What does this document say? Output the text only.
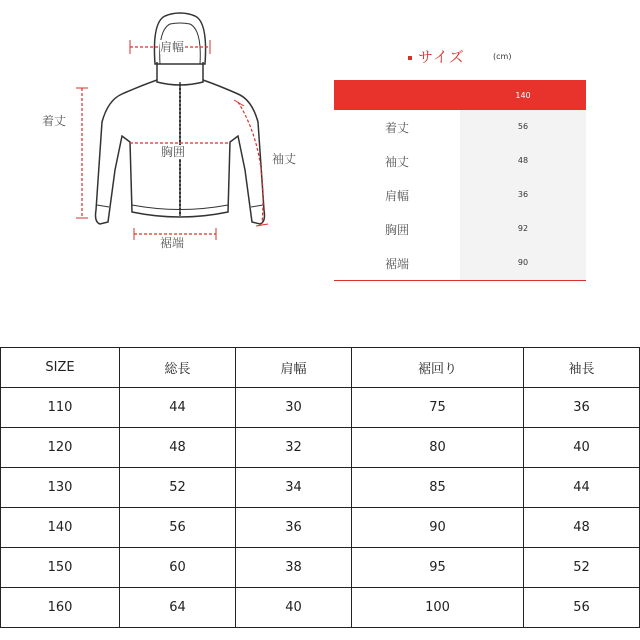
肩幅
着丈
胸囲	袖丈
裾端
サイズ	(cm)
140
着丈	56
袖丈	48
肩幅	36
胸囲	92
裾端	90
SIZE	総長	肩幅	裾回り	袖長
110	44	30	75	36
120	48	32	80	40
130	52	34	85	44
140	56	36	90	48
150	60	38	95	52
160	64	40	100	56
